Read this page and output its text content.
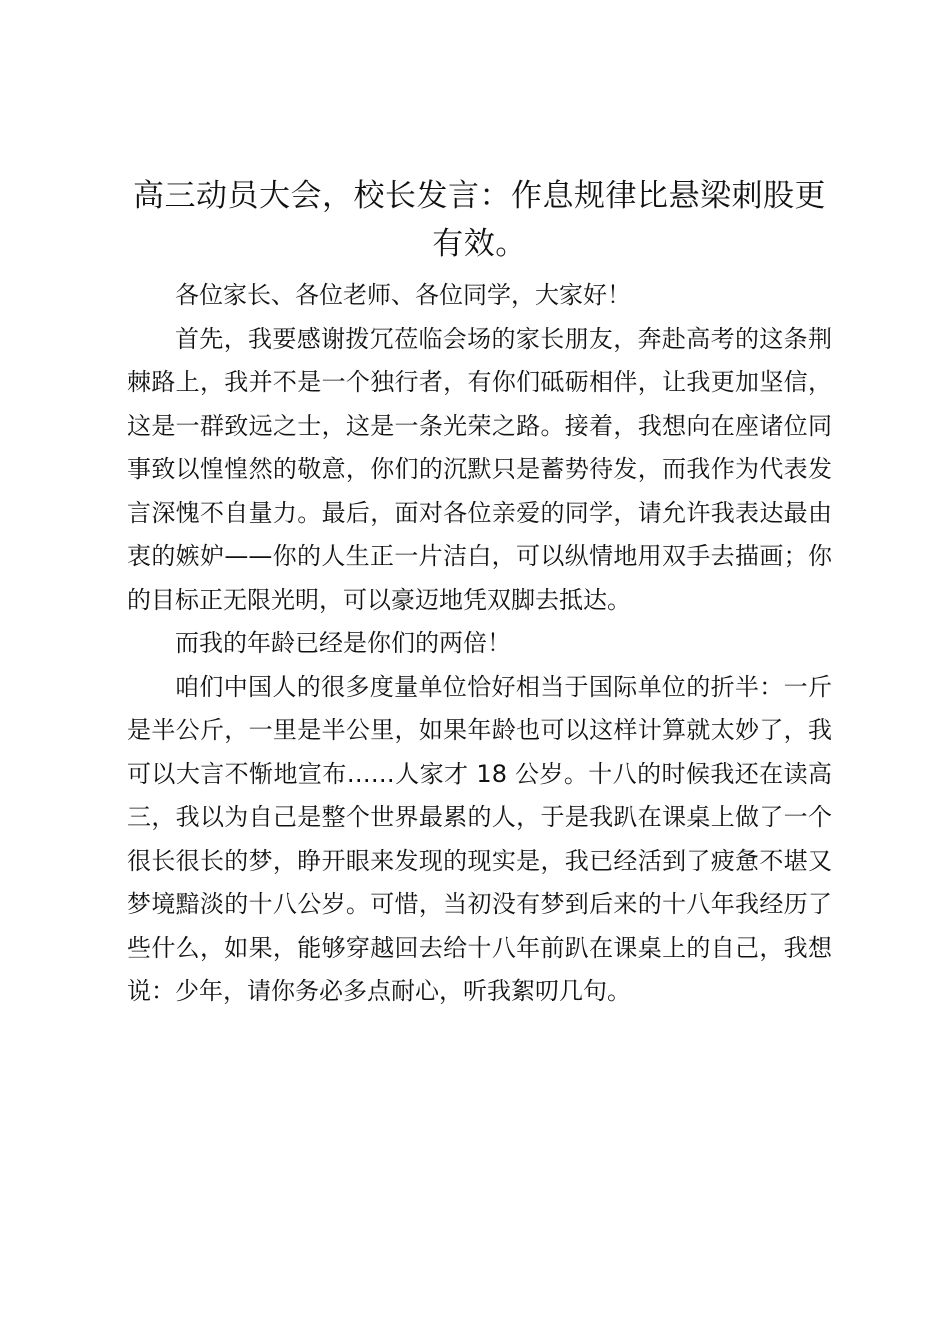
高三动员大会，校长发言：作息规律比悬梁刺股更有效。

各位家长、各位老师、各位同学，大家好！

首先，我要感谢拨冗莅临会场的家长朋友，奔赴高考的这条荆棘路上，我并不是一个独行者，有你们砥砺相伴，让我更加坚信，这是一群致远之士，这是一条光荣之路。接着，我想向在座诸位同事致以惶惶然的敬意，你们的沉默只是蓄势待发，而我作为代表发言深愧不自量力。最后，面对各位亲爱的同学，请允许我表达最由衷的嫉妒——你的人生正一片洁白，可以纵情地用双手去描画；你的目标正无限光明，可以豪迈地凭双脚去抵达。

而我的年龄已经是你们的两倍！

咱们中国人的很多度量单位恰好相当于国际单位的折半：一斤是半公斤，一里是半公里，如果年龄也可以这样计算就太妙了，我可以大言不惭地宣布……人家才 18 公岁。十八的时候我还在读高三，我以为自己是整个世界最累的人，于是我趴在课桌上做了一个很长很长的梦，睁开眼来发现的现实是，我已经活到了疲惫不堪又梦境黯淡的十八公岁。可惜，当初没有梦到后来的十八年我经历了些什么，如果，能够穿越回去给十八年前趴在课桌上的自己，我想说：少年，请你务必多点耐心，听我絮叨几句。
